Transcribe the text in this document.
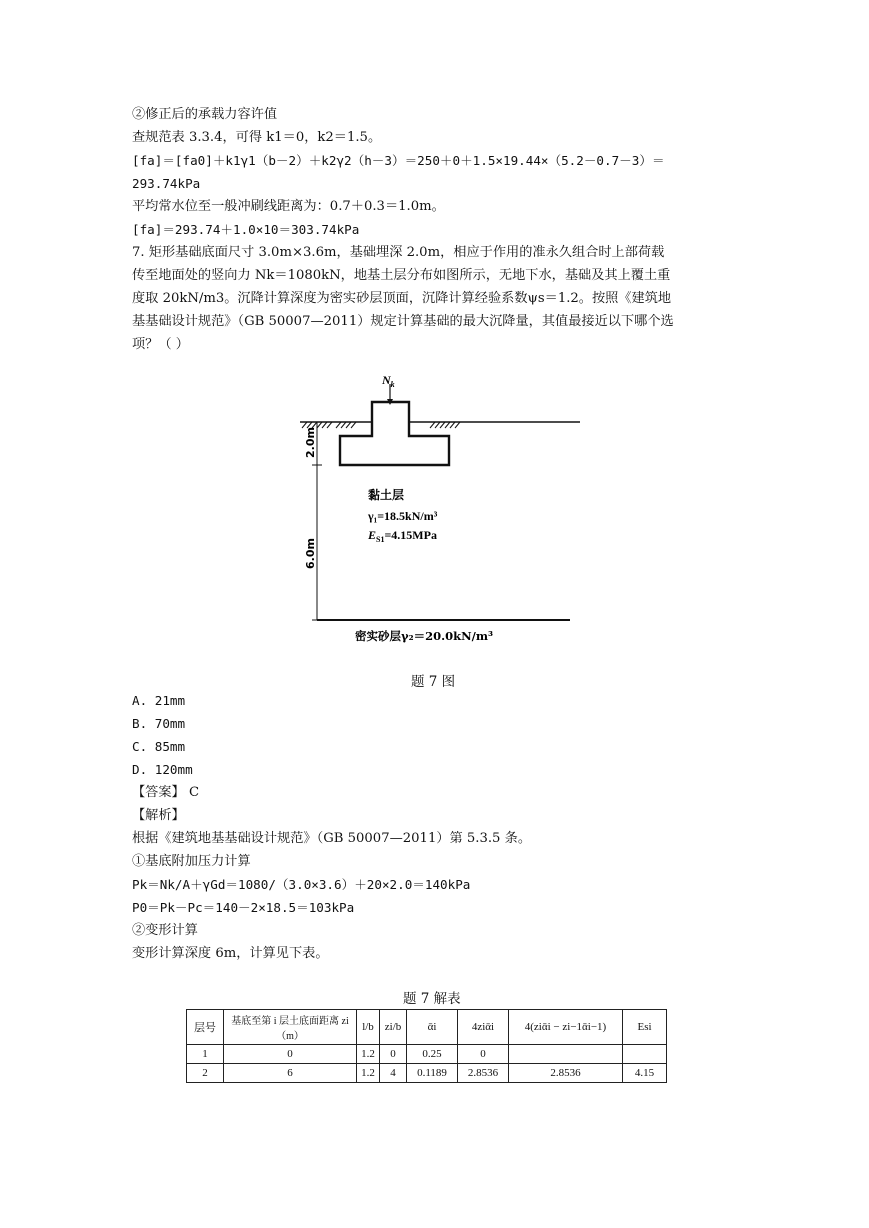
②修正后的承载力容许值
查规范表 3.3.4，可得 k1＝0，k2＝1.5。
[fa]＝[fa0]＋k1γ1（b－2）＋k2γ2（h－3）＝250＋0＋1.5×19.44×（5.2－0.7－3）＝
293.74kPa
平均常水位至一般冲刷线距离为：0.7＋0.3＝1.0m。
[fa]＝293.74＋1.0×10＝303.74kPa
7. 矩形基础底面尺寸 3.0m×3.6m，基础埋深 2.0m，相应于作用的准永久组合时上部荷载
传至地面处的竖向力 Nk＝1080kN，地基土层分布如图所示，无地下水，基础及其上覆土重
度取 20kN/m3。沉降计算深度为密实砂层顶面，沉降计算经验系数ψs＝1.2。按照《建筑地
基基础设计规范》（GB 50007—2011）规定计算基础的最大沉降量，其值最接近以下哪个选
项？（ ）
$N_k$
2.0m
6.0m
黏土层
γ₁=18.5kN/m³
$E_{S1}=4.15MPa$
密实砂层γ₂＝20.0kN/m³
题 7 图
A. 21mm
B. 70mm
C. 85mm
D. 120mm
【答案】 C
【解析】
根据《建筑地基基础设计规范》（GB 50007—2011）第 5.3.5 条。
①基底附加压力计算
Pk＝Nk/A＋γGd＝1080/（3.0×3.6）＋20×2.0＝140kPa
P0＝Pk－Pc＝140－2×18.5＝103kPa
②变形计算
变形计算深度 6m，计算见下表。
题 7 解表
层号	基底至第 i 层土底面距离 zi（m）	l/b	zi/b	ᾱi	4ziᾱi	4(ziᾱi − zi−1ᾱi−1)	Esi
1	0	1.2	0	0.25	0		
2	6	1.2	4	0.1189	2.8536	2.8536	4.15
